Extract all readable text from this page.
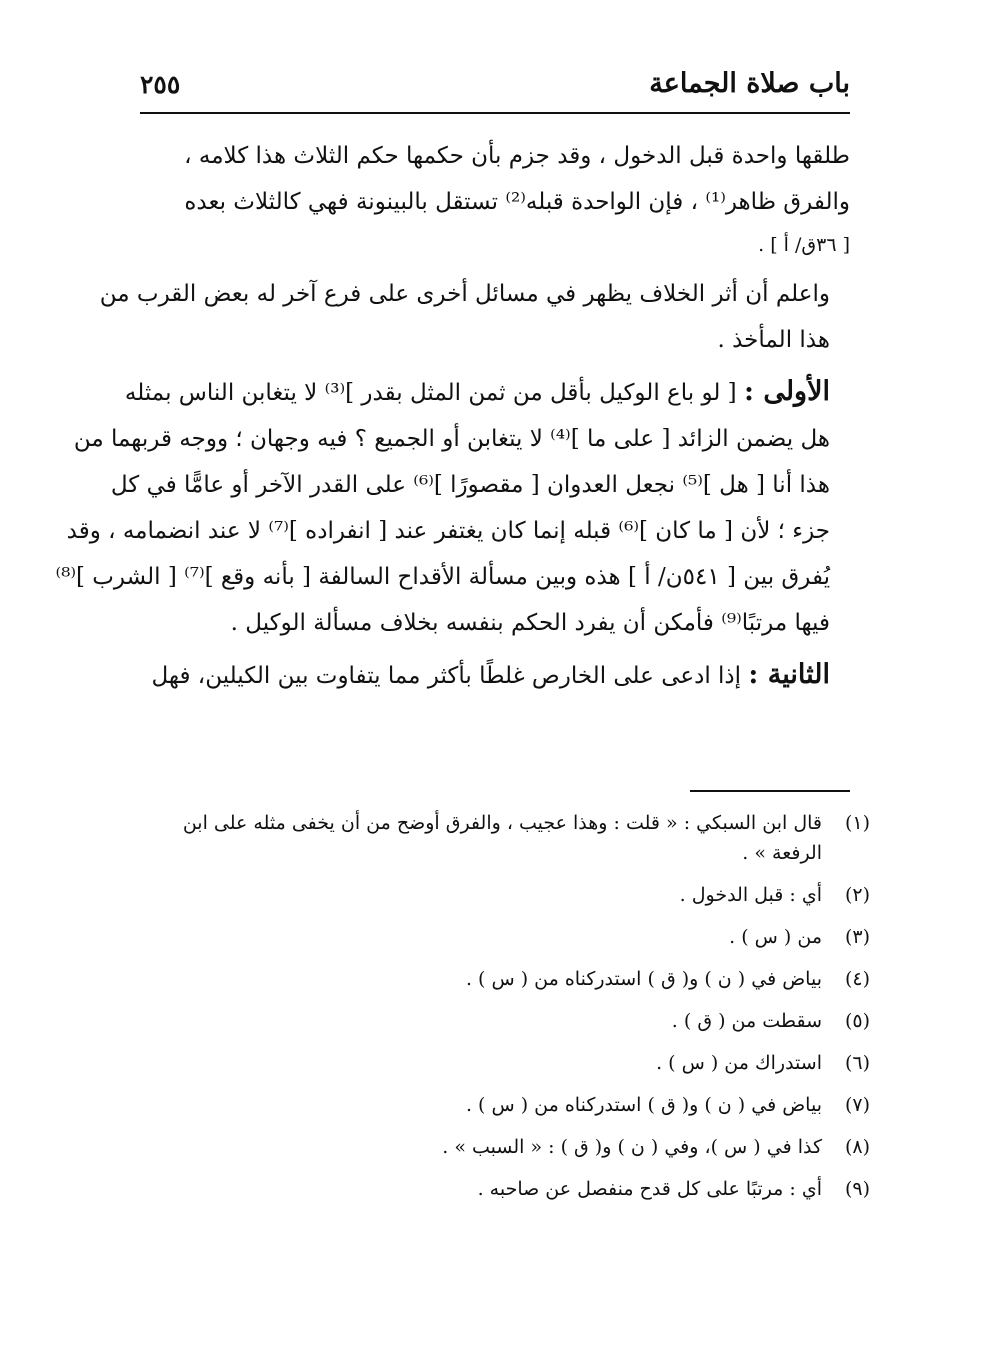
باب صلاة الجماعة
٢٥٥

طلقها واحدة قبل الدخول ، وقد جزم بأن حكمها حكم الثلاث هذا كلامه ،
والفرق ظاهر⁽¹⁾ ، فإن الواحدة قبله⁽²⁾ تستقل بالبينونة فهي كالثلاث بعده
[ ٣٦ق/ أ ] .

واعلم أن أثر الخلاف يظهر في مسائل أخرى على فرع آخر له بعض القرب من
هذا المأخذ .

الأولى : [ لو باع الوكيل بأقل من ثمن المثل بقدر ]⁽³⁾ لا يتغابن الناس بمثله
هل يضمن الزائد [ على ما ]⁽⁴⁾ لا يتغابن أو الجميع ؟ فيه وجهان ؛ ووجه قربهما من
هذا أنا [ هل ]⁽⁵⁾ نجعل العدوان [ مقصورًا ]⁽⁶⁾ على القدر الآخر أو عامًّا في كل
جزء ؛ لأن [ ما كان ]⁽⁶⁾ قبله إنما كان يغتفر عند [ انفراده ]⁽⁷⁾ لا عند انضمامه ، وقد
يُفرق بين [ ٥٤١ن/ أ ] هذه وبين مسألة الأقداح السالفة [ بأنه وقع ]⁽⁷⁾ [ الشرب ]⁽⁸⁾
فيها مرتبًا⁽⁹⁾ فأمكن أن يفرد الحكم بنفسه بخلاف مسألة الوكيل .

الثانية : إذا ادعى على الخارص غلطًا بأكثر مما يتفاوت بين الكيلين، فهل

(١)
قال ابن السبكي : « قلت : وهذا عجيب ، والفرق أوضح من أن يخفى مثله على ابن
الرفعة » .
(٢)
أي : قبل الدخول .
(٣)
من ( س ) .
(٤)
بياض في ( ن ) و( ق ) استدركناه من ( س ) .
(٥)
سقطت من ( ق ) .
(٦)
استدراك من ( س ) .
(٧)
بياض في ( ن ) و( ق ) استدركناه من ( س ) .
(٨)
كذا في ( س )، وفي ( ن ) و( ق ) : « السبب » .
(٩)
أي : مرتبًا على كل قدح منفصل عن صاحبه .
